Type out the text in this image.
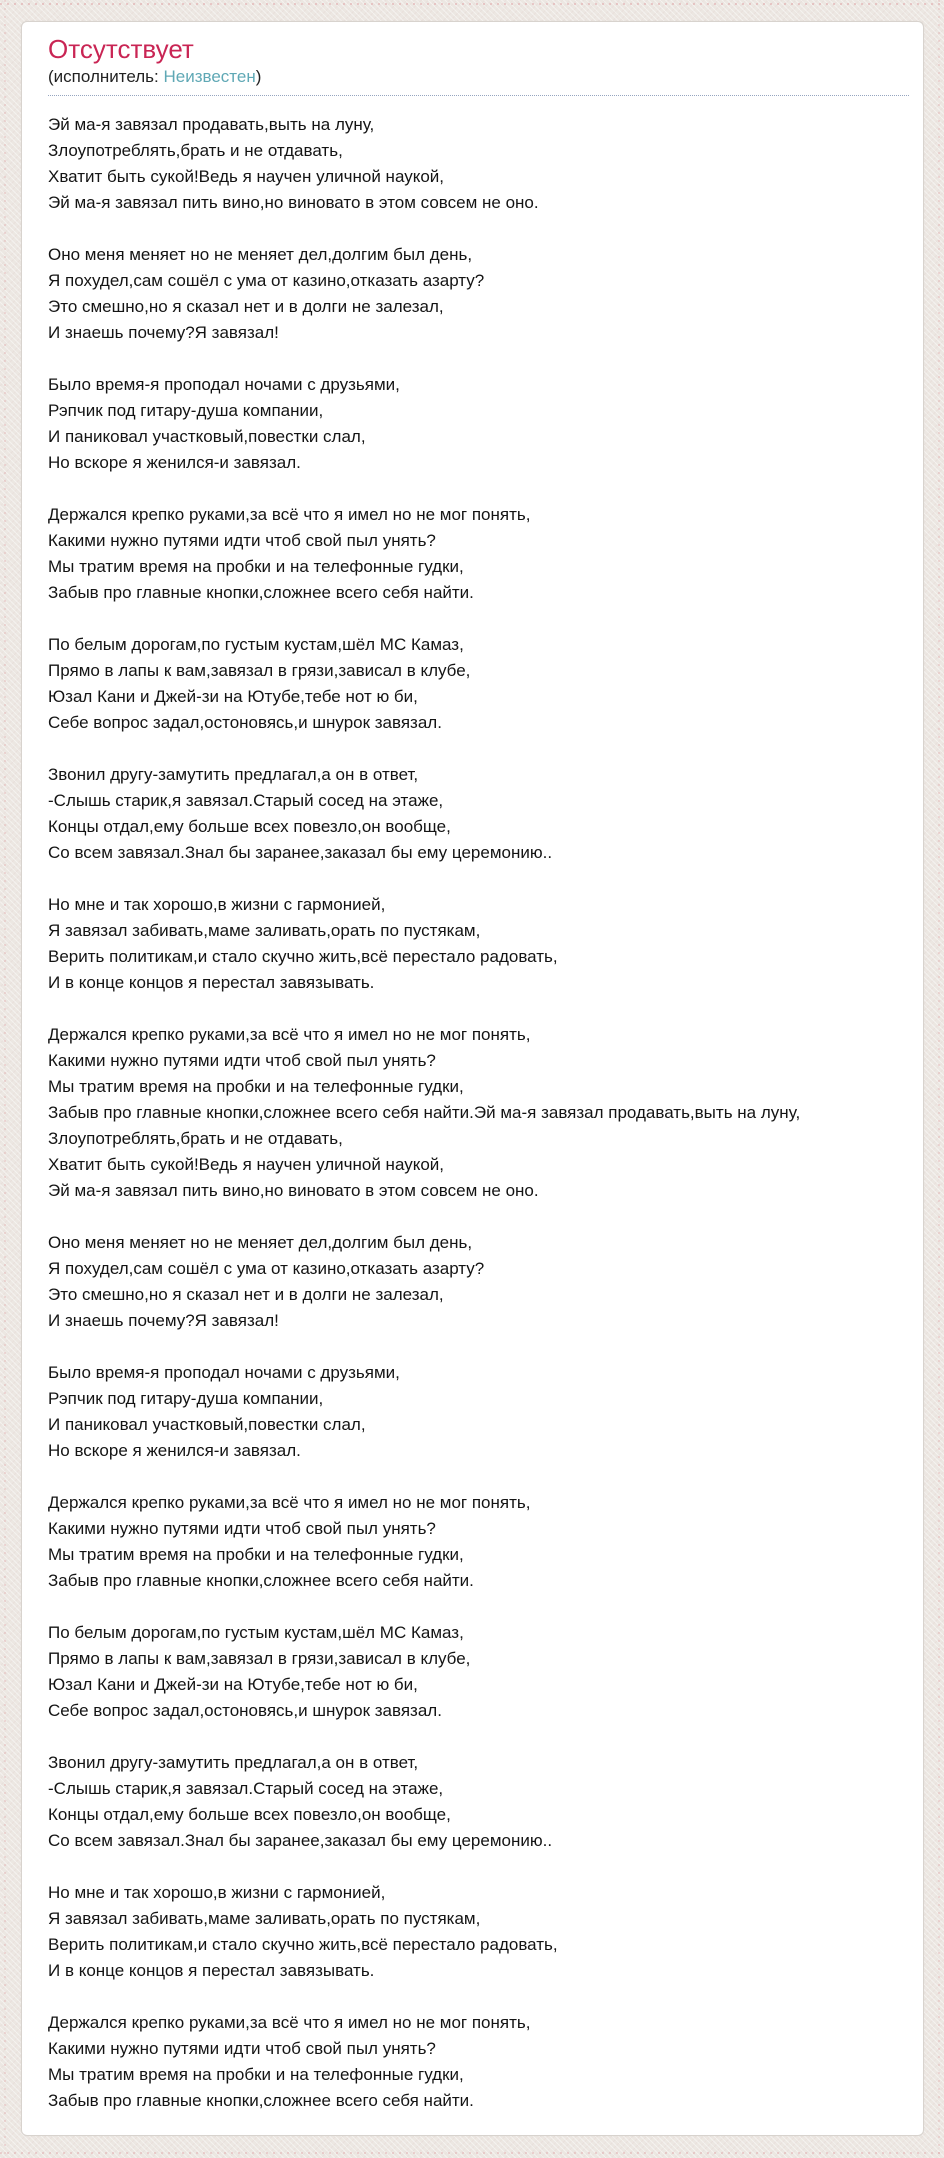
Отсутствует
(исполнитель: Неизвестен)

Эй ма-я завязал продавать,выть на луну,
Злоупотреблять,брать и не отдавать,
Хватит быть сукой!Ведь я научен уличной наукой,
Эй ма-я завязал пить вино,но виновато в этом совсем не оно.

Оно меня меняет но не меняет дел,долгим был день,
Я похудел,сам сошёл с ума от казино,отказать азарту?
Это смешно,но я сказал нет и в долги не залезал,
И знаешь почему?Я завязал!

Было время-я проподал ночами с друзьями,
Рэпчик под гитару-душа компании,
И паниковал участковый,повестки слал,
Но вскоре я женился-и завязал.

Держался крепко руками,за всё что я имел но не мог понять,
Какими нужно путями идти чтоб свой пыл унять?
Мы тратим время на пробки и на телефонные гудки,
Забыв про главные кнопки,сложнее всего себя найти.

По белым дорогам,по густым кустам,шёл МС Камаз,
Прямо в лапы к вам,завязал в грязи,зависал в клубе,
Юзал Кани и Джей-зи на Ютубе,тебе нот ю би,
Себе вопрос задал,остоновясь,и шнурок завязал.

Звонил другу-замутить предлагал,а он в ответ,
-Слышь старик,я завязал.Старый сосед на этаже,
Концы отдал,ему больше всех повезло,он вообще,
Со всем завязал.Знал бы заранее,заказал бы ему церемонию..

Но мне и так хорошо,в жизни с гармонией,
Я завязал забивать,маме заливать,орать по пустякам,
Верить политикам,и стало скучно жить,всё перестало радовать,
И в конце концов я перестал завязывать.

Держался крепко руками,за всё что я имел но не мог понять,
Какими нужно путями идти чтоб свой пыл унять?
Мы тратим время на пробки и на телефонные гудки,
Забыв про главные кнопки,сложнее всего себя найти.Эй ма-я завязал продавать,выть на луну,
Злоупотреблять,брать и не отдавать,
Хватит быть сукой!Ведь я научен уличной наукой,
Эй ма-я завязал пить вино,но виновато в этом совсем не оно.

Оно меня меняет но не меняет дел,долгим был день,
Я похудел,сам сошёл с ума от казино,отказать азарту?
Это смешно,но я сказал нет и в долги не залезал,
И знаешь почему?Я завязал!

Было время-я проподал ночами с друзьями,
Рэпчик под гитару-душа компании,
И паниковал участковый,повестки слал,
Но вскоре я женился-и завязал.

Держался крепко руками,за всё что я имел но не мог понять,
Какими нужно путями идти чтоб свой пыл унять?
Мы тратим время на пробки и на телефонные гудки,
Забыв про главные кнопки,сложнее всего себя найти.

По белым дорогам,по густым кустам,шёл МС Камаз,
Прямо в лапы к вам,завязал в грязи,зависал в клубе,
Юзал Кани и Джей-зи на Ютубе,тебе нот ю би,
Себе вопрос задал,остоновясь,и шнурок завязал.

Звонил другу-замутить предлагал,а он в ответ,
-Слышь старик,я завязал.Старый сосед на этаже,
Концы отдал,ему больше всех повезло,он вообще,
Со всем завязал.Знал бы заранее,заказал бы ему церемонию..

Но мне и так хорошо,в жизни с гармонией,
Я завязал забивать,маме заливать,орать по пустякам,
Верить политикам,и стало скучно жить,всё перестало радовать,
И в конце концов я перестал завязывать.

Держался крепко руками,за всё что я имел но не мог понять,
Какими нужно путями идти чтоб свой пыл унять?
Мы тратим время на пробки и на телефонные гудки,
Забыв про главные кнопки,сложнее всего себя найти.
